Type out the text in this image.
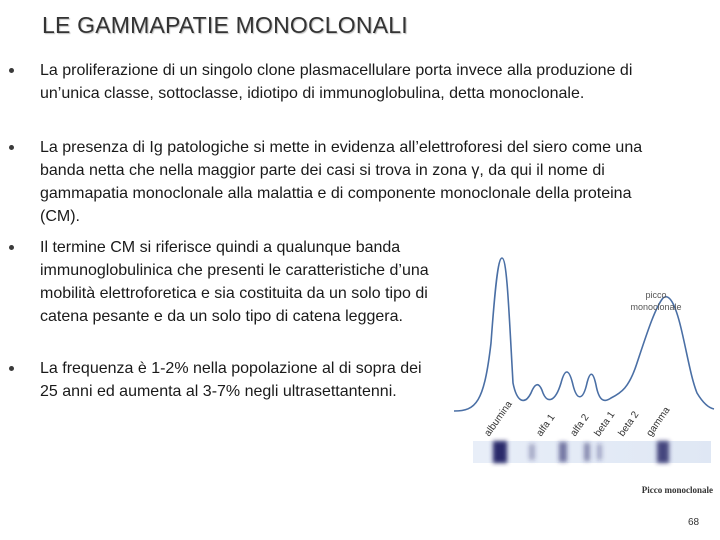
LE GAMMAPATIE MONOCLONALI
La proliferazione di un singolo clone plasmacellulare porta invece alla produzione di un’unica classe, sottoclasse, idiotipo di immunoglobulina, detta monoclonale.
La presenza di Ig patologiche si mette in evidenza all’elettroforesi del siero come una banda netta che nella maggior parte dei casi si trova in zona γ, da qui il nome di gammapatia monoclonale alla malattia e di componente monoclonale della proteina (CM).
Il termine CM si riferisce quindi a qualunque banda immunoglobulinica che presenti le caratteristiche d’una mobilità elettroforetica e sia costituita da un solo tipo di catena pesante e da un solo tipo di catena leggera.
La frequenza è 1-2% nella popolazione al di sopra dei 25 anni ed aumenta al 3-7% negli ultrasettantenni.
picco
monoclonale
albumina alfa 1 alfa 2 beta 1 beta 2 gamma
Picco monoclonale
68
